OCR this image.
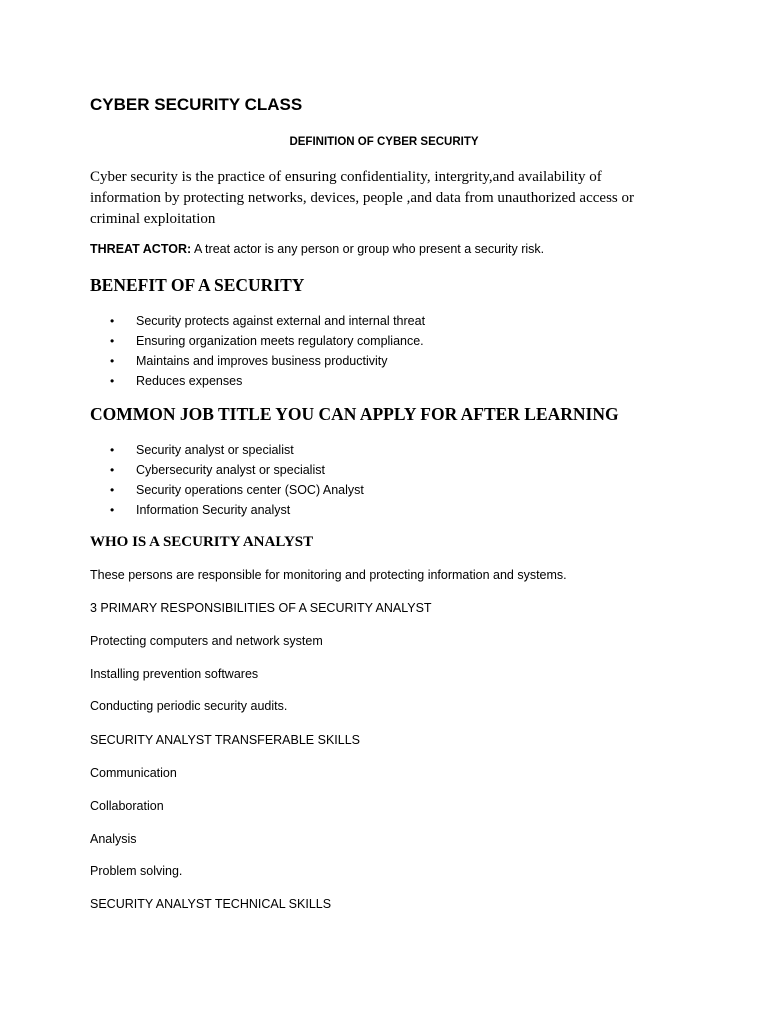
CYBER SECURITY CLASS
DEFINITION OF CYBER SECURITY
Cyber security is the practice of ensuring confidentiality, intergrity,and availability of information by protecting networks, devices, people ,and data from unauthorized access or criminal exploitation
THREAT ACTOR: A treat actor is any person or group who present a security risk.
BENEFIT OF A SECURITY
• Security protects against external and internal threat
• Ensuring organization meets regulatory compliance.
• Maintains and improves business productivity
• Reduces expenses
COMMON JOB TITLE YOU CAN APPLY FOR AFTER LEARNING
• Security analyst or specialist
• Cybersecurity analyst or specialist
• Security operations center (SOC) Analyst
• Information Security analyst
WHO IS A SECURITY ANALYST
These persons are responsible for monitoring and protecting information and systems.
3 PRIMARY RESPONSIBILITIES OF A SECURITY ANALYST
Protecting computers and network system
Installing prevention softwares
Conducting periodic security audits.
SECURITY ANALYST TRANSFERABLE SKILLS
Communication
Collaboration
Analysis
Problem solving.
SECURITY ANALYST TECHNICAL SKILLS
